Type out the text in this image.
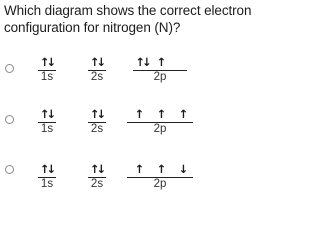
Which diagram shows the correct electron configuration for nitrogen (N)?
↑↓
1s
↑↓
2s
↑↓ ↑
2p
↑↓
1s
↑↓
2s
↑	↑	↑
2p
↑↓
1s
↑↓
2s
↑	↑	↓
2p
